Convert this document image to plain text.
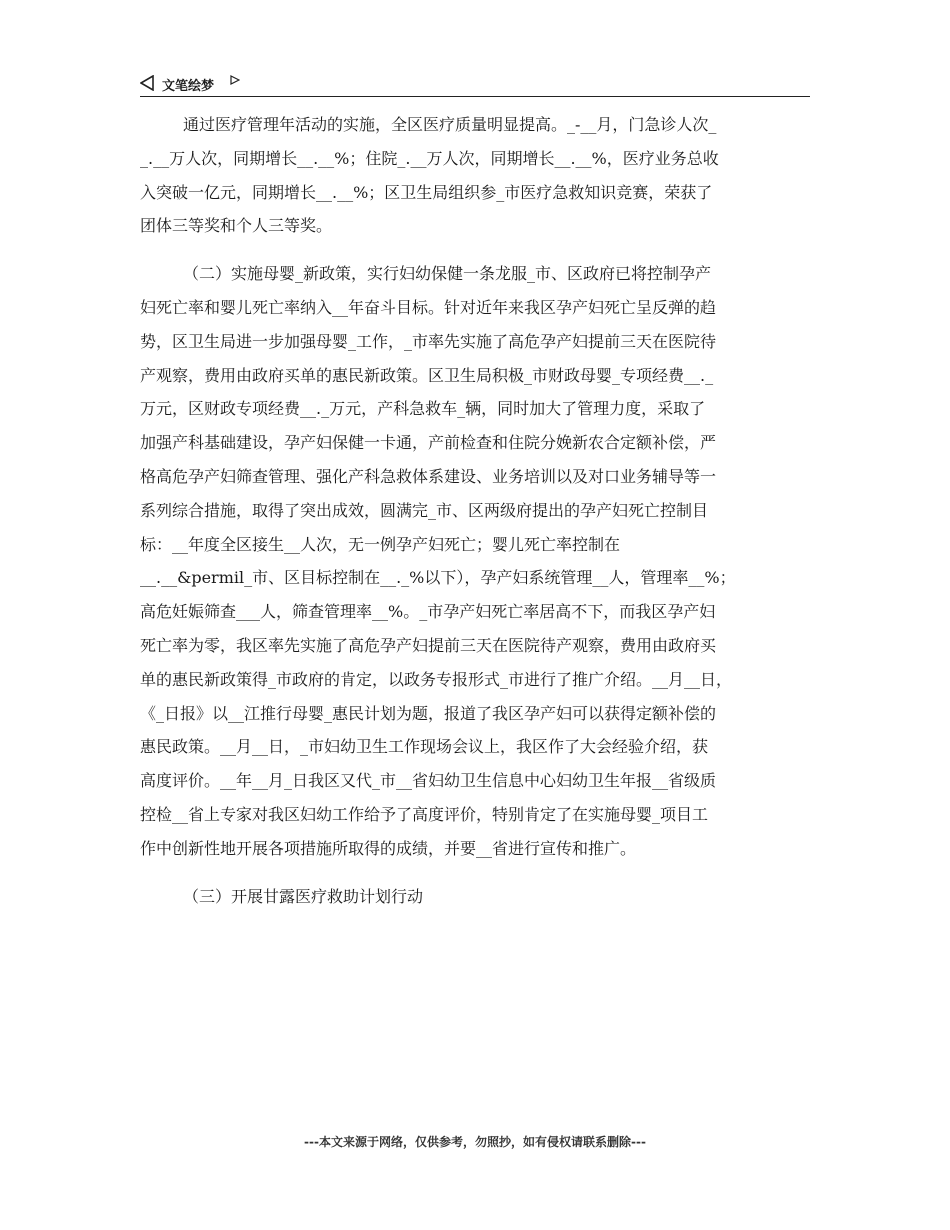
文笔绘梦

通过医疗管理年活动的实施，全区医疗质量明显提高。_-__月，门急诊人次_
_.__万人次，同期增长__.__%；住院_.__万人次，同期增长__.__%，医疗业务总收
入突破一亿元，同期增长__.__%；区卫生局组织参_市医疗急救知识竞赛，荣获了
团体三等奖和个人三等奖。

（二）实施母婴_新政策，实行妇幼保健一条龙服_市、区政府已将控制孕产
妇死亡率和婴儿死亡率纳入__年奋斗目标。针对近年来我区孕产妇死亡呈反弹的趋
势，区卫生局进一步加强母婴_工作，_市率先实施了高危孕产妇提前三天在医院待
产观察，费用由政府买单的惠民新政策。区卫生局积极_市财政母婴_专项经费__._
万元，区财政专项经费__._万元，产科急救车_辆，同时加大了管理力度，采取了
加强产科基础建设，孕产妇保健一卡通，产前检查和住院分娩新农合定额补偿，严
格高危孕产妇筛查管理、强化产科急救体系建设、业务培训以及对口业务辅导等一
系列综合措施，取得了突出成效，圆满完_市、区两级府提出的孕产妇死亡控制目
标：__年度全区接生__人次，无一例孕产妇死亡；婴儿死亡率控制在
__.__&permil_市、区目标控制在__._%以下），孕产妇系统管理__人，管理率__%；
高危妊娠筛查___人，筛查管理率__%。_市孕产妇死亡率居高不下，而我区孕产妇
死亡率为零，我区率先实施了高危孕产妇提前三天在医院待产观察，费用由政府买
单的惠民新政策得_市政府的肯定，以政务专报形式_市进行了推广介绍。__月__日，
《_日报》以__江推行母婴_惠民计划为题，报道了我区孕产妇可以获得定额补偿的
惠民政策。__月__日，_市妇幼卫生工作现场会议上，我区作了大会经验介绍，获
高度评价。__年__月_日我区又代_市__省妇幼卫生信息中心妇幼卫生年报__省级质
控检__省上专家对我区妇幼工作给予了高度评价，特别肯定了在实施母婴_项目工
作中创新性地开展各项措施所取得的成绩，并要__省进行宣传和推广。

（三）开展甘露医疗救助计划行动

---本文来源于网络，仅供参考，勿照抄，如有侵权请联系删除---
